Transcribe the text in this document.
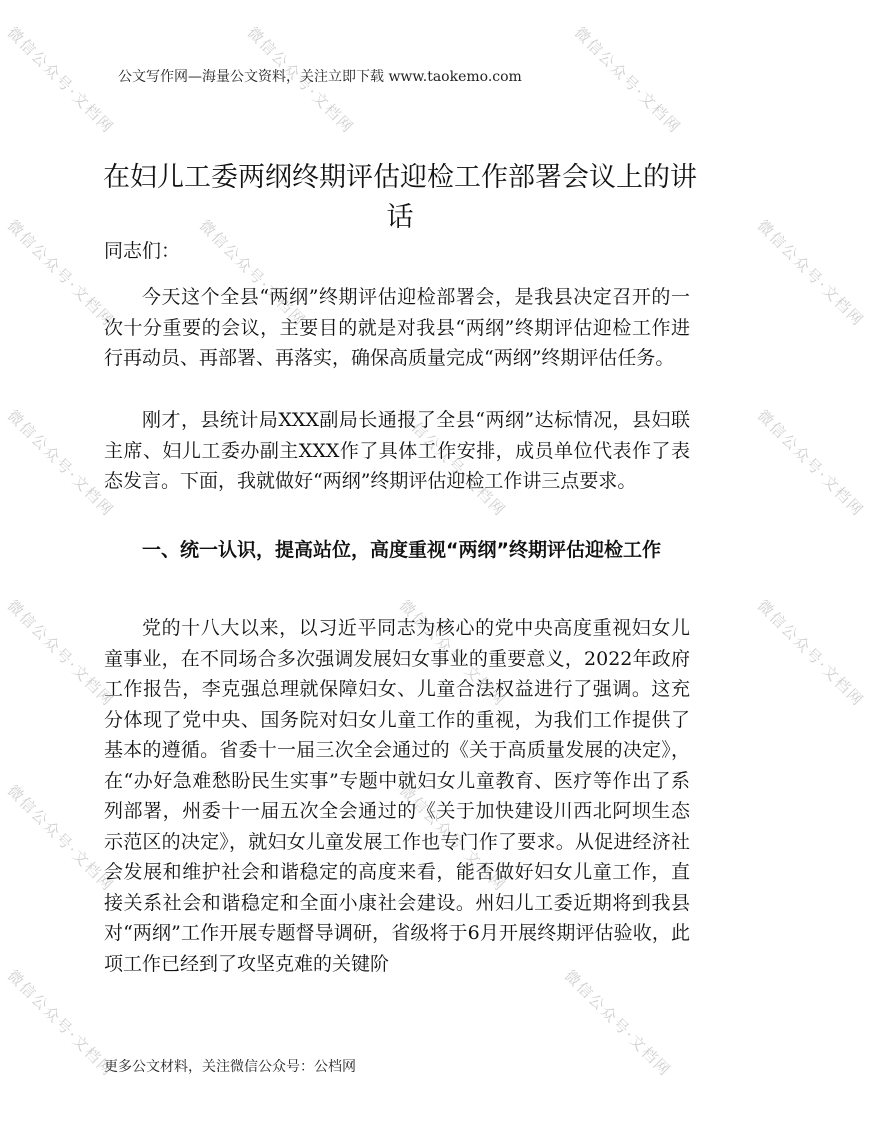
微信公众号·文档网	微信公众号·文档网	微信公众号·文档网
微信公众号·文档网	微信公众号·文档网	微信公众号·文档网
微信公众号·文档网	微信公众号·文档网	微信公众号·文档网
微信公众号·文档网	微信公众号·文档网	微信公众号·文档网
微信公众号·文档网	微信公众号·文档网
微信公众号·文档网	微信公众号·文档网
公文写作网—海量公文资料，关注立即下载 www.taokemo.com
在妇儿工委两纲终期评估迎检工作部署会议上的讲话
同志们：

今天这个全县“两纲”终期评估迎检部署会，是我县决定召开的一次十分重要的会议，主要目的就是对我县“两纲”终期评估迎检工作进行再动员、再部署、再落实，确保高质量完成“两纲”终期评估任务。

刚才，县统计局XXX副局长通报了全县“两纲”达标情况，县妇联主席、妇儿工委办副主XXX作了具体工作安排，成员单位代表作了表态发言。下面，我就做好“两纲”终期评估迎检工作讲三点要求。

一、统一认识，提高站位，高度重视“两纲”终期评估迎检工作

党的十八大以来，以习近平同志为核心的党中央高度重视妇女儿童事业，在不同场合多次强调发展妇女事业的重要意义，2022年政府工作报告，李克强总理就保障妇女、儿童合法权益进行了强调。这充分体现了党中央、国务院对妇女儿童工作的重视，为我们工作提供了基本的遵循。省委十一届三次全会通过的《关于高质量发展的决定》，在“办好急难愁盼民生实事”专题中就妇女儿童教育、医疗等作出了系列部署，州委十一届五次全会通过的《关于加快建设川西北阿坝生态示范区的决定》，就妇女儿童发展工作也专门作了要求。从促进经济社会发展和维护社会和谐稳定的高度来看，能否做好妇女儿童工作，直接关系社会和谐稳定和全面小康社会建设。州妇儿工委近期将到我县对“两纲”工作开展专题督导调研，省级将于6月开展终期评估验收，此项工作已经到了攻坚克难的关键阶

更多公文材料，关注微信公众号：公档网
